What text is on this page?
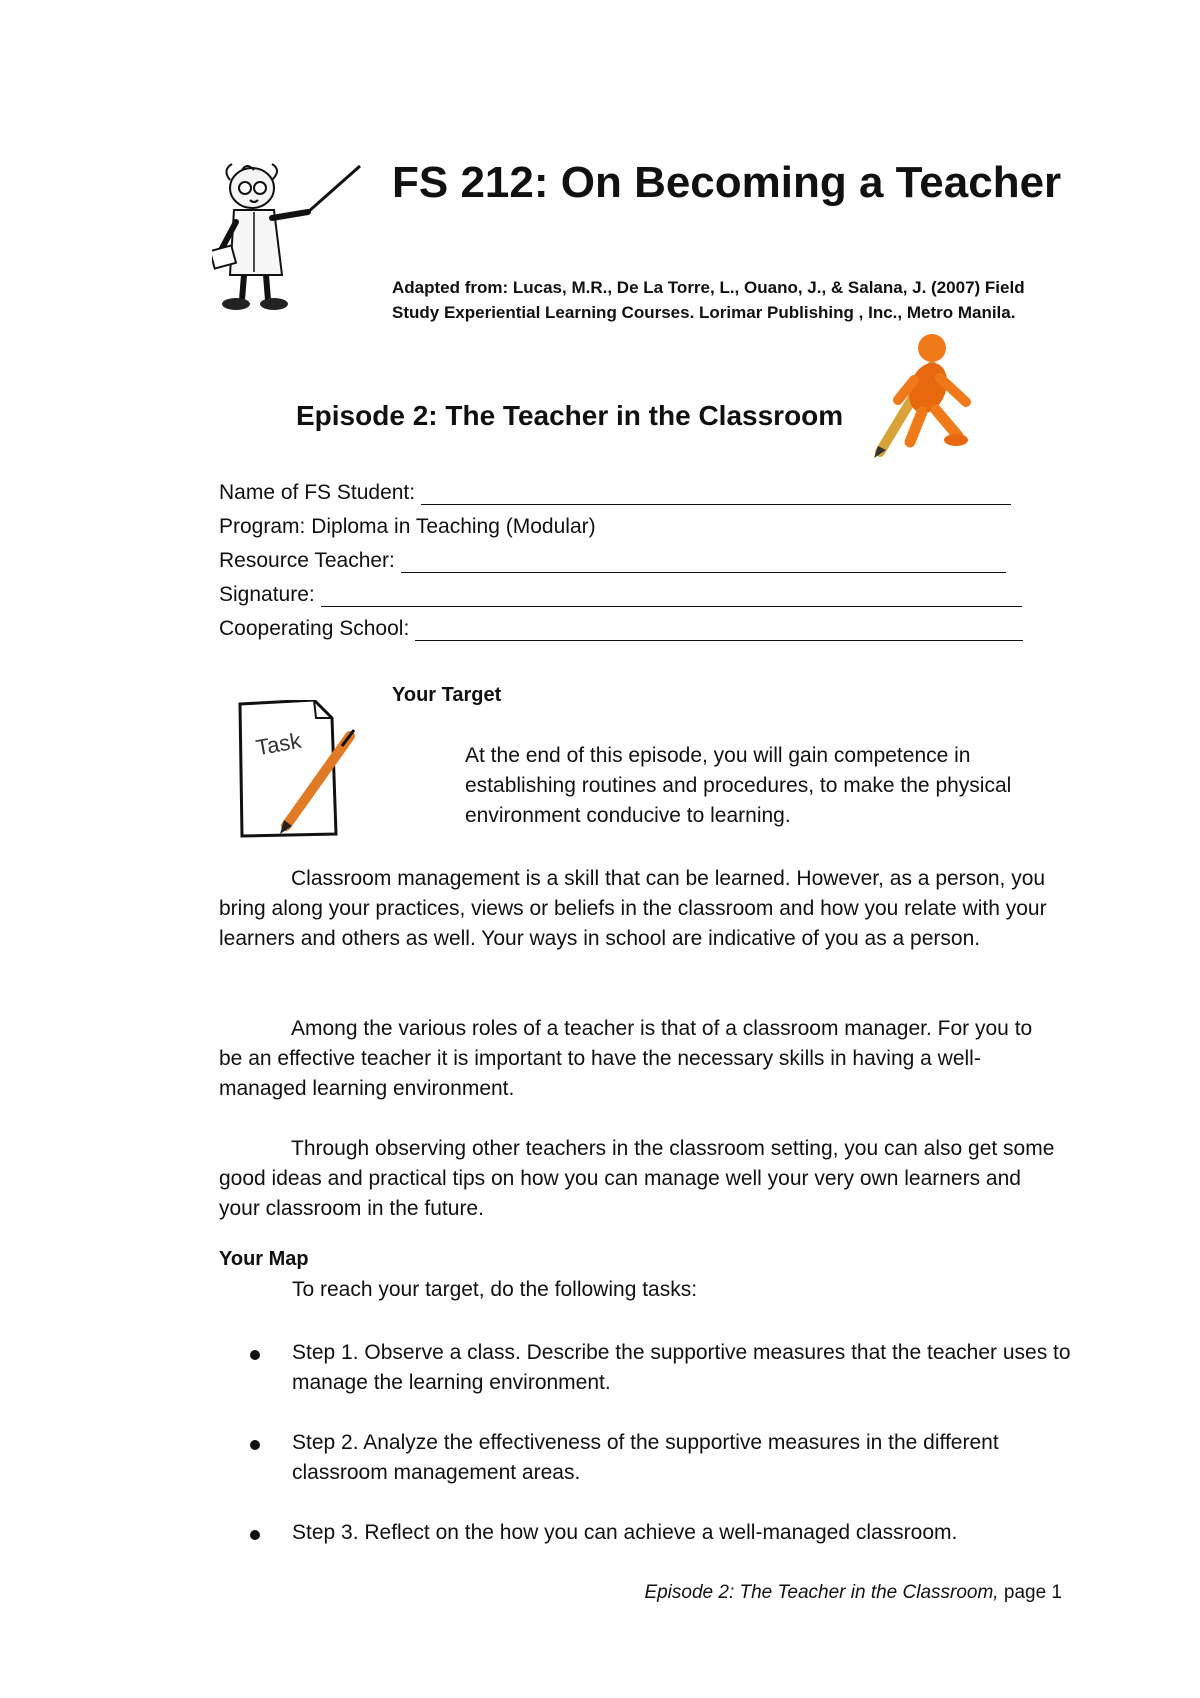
FS 212: On Becoming a Teacher
Adapted from: Lucas, M.R., De La Torre, L., Ouano, J., & Salana, J. (2007) Field
Study Experiential Learning Courses. Lorimar Publishing , Inc., Metro Manila.
Episode 2: The Teacher in the Classroom
Name of FS Student:
Program: Diploma in Teaching (Modular)
Resource Teacher:
Signature:
Cooperating School:
Task
Your Target
At the end of this episode, you will gain competence in establishing routines and procedures, to make the physical environment conducive to learning.
Classroom management is a skill that can be learned. However, as a person, you bring along your practices, views or beliefs in the classroom and how you relate with your learners and others as well. Your ways in school are indicative of you as a person.
Among the various roles of a teacher is that of a classroom manager. For you to be an effective teacher it is important to have the necessary skills in having a well-managed learning environment.
Through observing other teachers in the classroom setting, you can also get some good ideas and practical tips on how you can manage well your very own learners and your classroom in the future.
Your Map
To reach your target, do the following tasks:
Step 1. Observe a class. Describe the supportive measures that the teacher uses to manage the learning environment.
Step 2. Analyze the effectiveness of the supportive measures in the different classroom management areas.
Step 3. Reflect on the how you can achieve a well-managed classroom.
Episode 2: The Teacher in the Classroom, page 1
